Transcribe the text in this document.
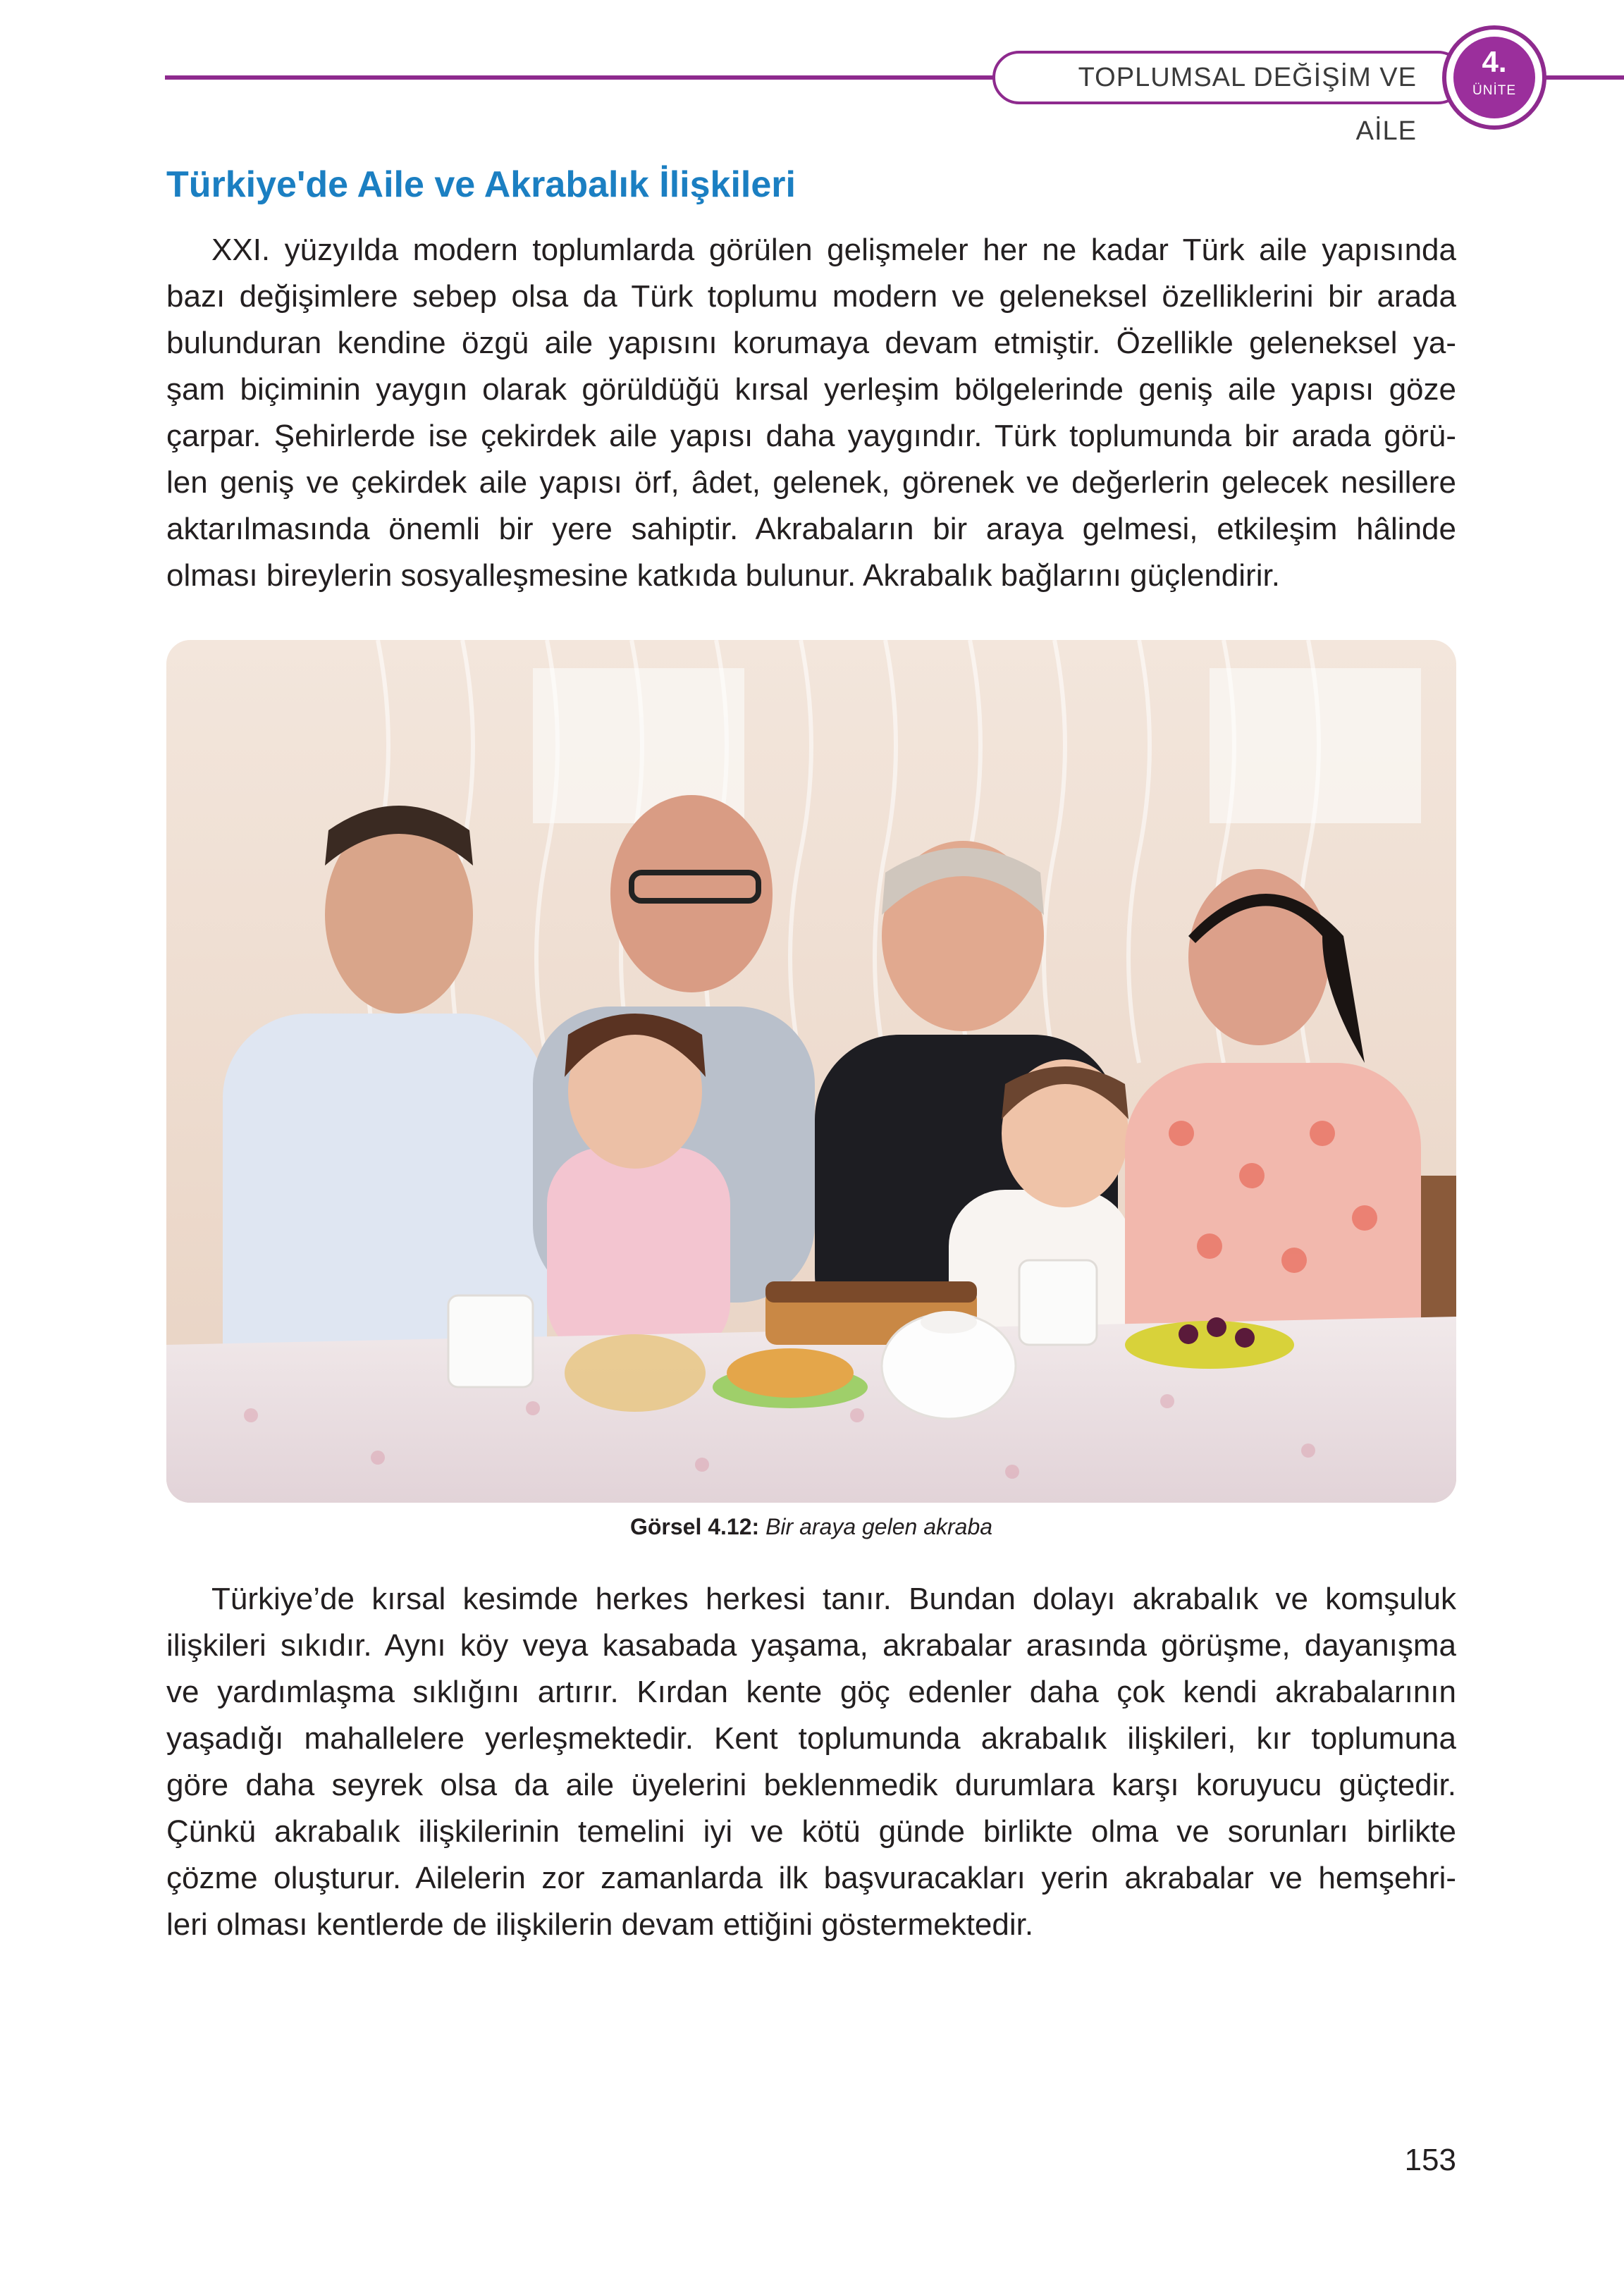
TOPLUMSAL DEĞİŞİM VE AİLE
4.
ÜNİTE
Türkiye'de Aile ve Akrabalık İlişkileri
XXI. yüzyılda modern toplumlarda görülen gelişmeler her ne kadar Türk aile yapısında
bazı değişimlere sebep olsa da Türk toplumu modern ve geleneksel özelliklerini bir arada
bulunduran kendine özgü aile yapısını korumaya devam etmiştir. Özellikle geleneksel ya-
şam biçiminin yaygın olarak görüldüğü kırsal yerleşim bölgelerinde geniş aile yapısı göze
çarpar. Şehirlerde ise çekirdek aile yapısı daha yaygındır. Türk toplumunda bir arada görü-
len geniş ve çekirdek aile yapısı örf, âdet, gelenek, görenek ve değerlerin gelecek nesillere
aktarılmasında önemli bir yere sahiptir. Akrabaların bir araya gelmesi, etkileşim hâlinde
olması bireylerin sosyalleşmesine katkıda bulunur. Akrabalık bağlarını güçlendirir.
Görsel 4.12: Bir araya gelen akraba
Türkiye’de kırsal kesimde herkes herkesi tanır. Bundan dolayı akrabalık ve komşuluk
ilişkileri sıkıdır. Aynı köy veya kasabada yaşama, akrabalar arasında görüşme, dayanışma
ve yardımlaşma sıklığını artırır. Kırdan kente göç edenler daha çok kendi akrabalarının
yaşadığı mahallelere yerleşmektedir. Kent toplumunda akrabalık ilişkileri, kır toplumuna
göre daha seyrek olsa da aile üyelerini beklenmedik durumlara karşı koruyucu güçtedir.
Çünkü akrabalık ilişkilerinin temelini iyi ve kötü günde birlikte olma ve sorunları birlikte
çözme oluşturur. Ailelerin zor zamanlarda ilk başvuracakları yerin akrabalar ve hemşehri-
leri olması kentlerde de ilişkilerin devam ettiğini göstermektedir.
153
